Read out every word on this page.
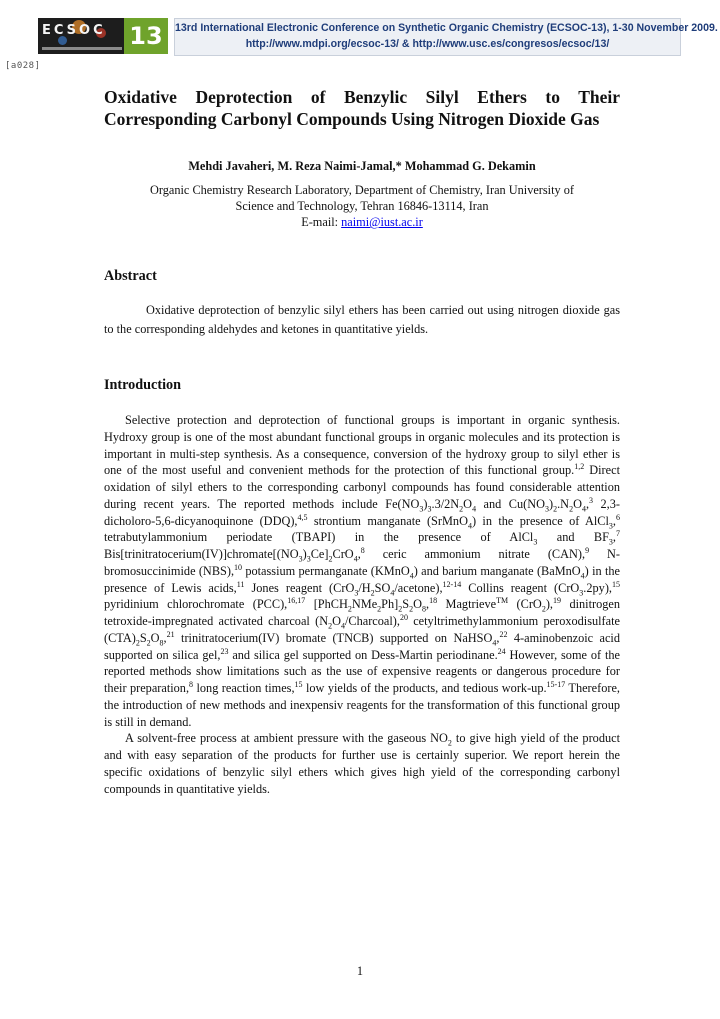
ECSOC 13	13rd International Electronic Conference on Synthetic Organic Chemistry (ECSOC-13), 1-30 November 2009.
http://www.mdpi.org/ecsoc-13/ & http://www.usc.es/congresos/ecsoc/13/
[a028]
Oxidative Deprotection of Benzylic Silyl Ethers to Their Corresponding Carbonyl Compounds Using Nitrogen Dioxide Gas

Mehdi Javaheri, M. Reza Naimi-Jamal,* Mohammad G. Dekamin

Organic Chemistry Research Laboratory, Department of Chemistry, Iran University of

Science and Technology, Tehran 16846-13114, Iran

E-mail: naimi@iust.ac.ir

Abstract

Oxidative deprotection of benzylic silyl ethers has been carried out using nitrogen dioxide gas to the corresponding aldehydes and ketones in quantitative yields.

Introduction

Selective protection and deprotection of functional groups is important in organic synthesis. Hydroxy group is one of the most abundant functional groups in organic molecules and its protection is important in multi-step synthesis. As a consequence, conversion of the hydroxy group to silyl ether is one of the most useful and convenient methods for the protection of this functional group.$^{1,2}$ Direct oxidation of silyl ethers to the corresponding carbonyl compounds has found considerable attention during recent years. The reported methods include $Fe(NO_3)_3.3/2N_2O_4$ and $Cu(NO_3)_2.N_2O_4,^3$ 2,3-dicholoro-5,6-dicyanoquinone (DDQ),$^{4,5}$ strontium manganate (SrMnO$_4$) in the presence of AlCl$_3$,$^6$ tetrabutylammonium periodate (TBAPI) in the presence of AlCl$_3$ and $BF_3,^7$ $Bis[trinitratocerium(IV)]chromate[(NO_3)_3Ce]_2CrO_4,^8$ ceric ammonium nitrate (CAN),$^9$ N-bromosuccinimide (NBS),$^{10}$ potassium permanganate (KMnO$_4$) and barium manganate (BaMnO$_4$) in the presence of Lewis acids,$^{11}$ Jones reagent $(CrO_3/H_2SO_4/acetone),^{12-14}$ Collins reagent (CrO$_3$.2py),$^{15}$ pyridinium chlorochromate (PCC),$^{16,17}$ $[PhCH_2NMe_2Ph]_2S_2O_8,^{18}$ Magtrieve™ (CrO$_2$),$^{19}$ dinitrogen tetroxide-impregnated activated charcoal $(N_2O_4/Charcoal),^{20}$ cetyltrimethylammonium peroxodisulfate $(CTA)_2S_2O_8,^{21}$ trinitratocerium(IV) bromate (TNCB) supported on NaHSO$_4$,$^{22}$ 4-aminobenzoic acid supported on silica gel,$^{23}$ and silica gel supported on Dess-Martin periodinane.$^{24}$ However, some of the reported methods show limitations such as the use of expensive reagents or dangerous procedure for their preparation,$^8$ long reaction times,$^{15}$ low yields of the products, and tedious work-up.$^{15-17}$ Therefore, the introduction of new methods and inexpensiv reagents for the transformation of this functional group is still in demand.

A solvent-free process at ambient pressure with the gaseous $NO_2$ to give high yield of the product and with easy separation of the products for further use is certainly superior. We report herein the specific oxidations of benzylic silyl ethers which gives high yield of the corresponding carbonyl compounds in quantitative yields.

1
